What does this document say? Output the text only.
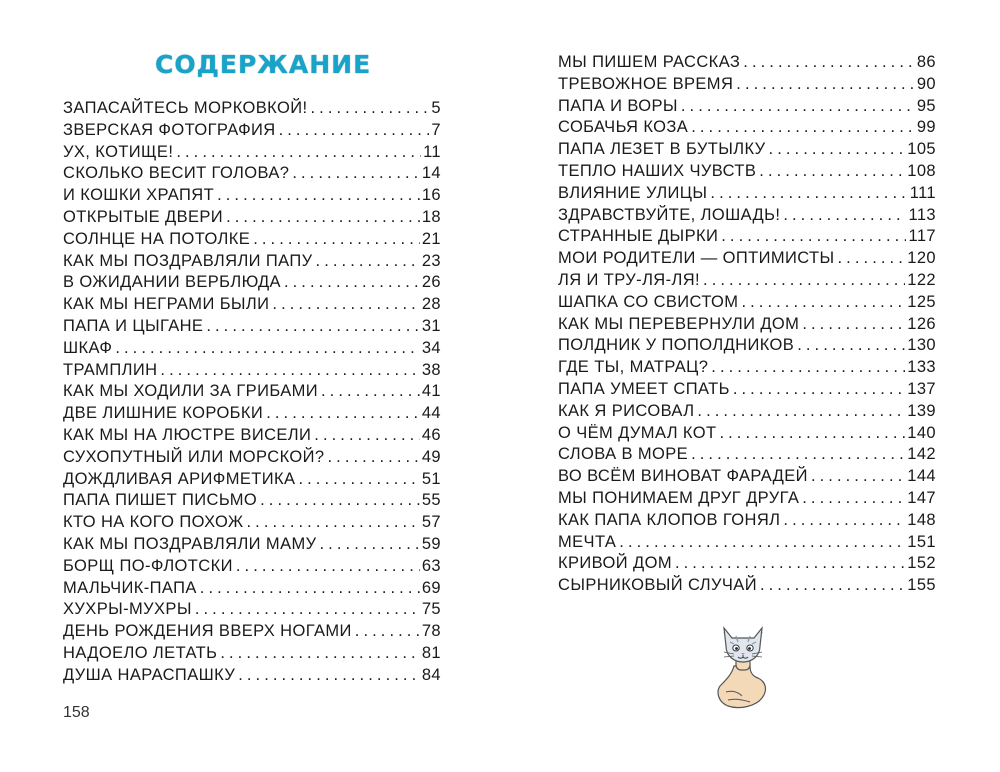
СОДЕРЖАНИЕ
ЗАПАСАЙТЕСЬ МОРКОВКОЙ! . . .	5
ЗВЕРСКАЯ ФОТОГРАФИЯ . . .	7
УХ, КОТИЩЕ! . . .	11
СКОЛЬКО ВЕСИТ ГОЛОВА? . . .	14
И КОШКИ ХРАПЯТ . . .	16
ОТКРЫТЫЕ ДВЕРИ . . .	18
СОЛНЦЕ НА ПОТОЛКЕ . . .	21
КАК МЫ ПОЗДРАВЛЯЛИ ПАПУ . . .	23
В ОЖИДАНИИ ВЕРБЛЮДА . . .	26
КАК МЫ НЕГРАМИ БЫЛИ . . .	28
ПАПА И ЦЫГАНЕ . . .	31
ШКАФ . . .	34
ТРАМПЛИН . . .	38
КАК МЫ ХОДИЛИ ЗА ГРИБАМИ . . .	41
ДВЕ ЛИШНИЕ КОРОБКИ . . .	44
КАК МЫ НА ЛЮСТРЕ ВИСЕЛИ . . .	46
СУХОПУТНЫЙ ИЛИ МОРСКОЙ? . . .	49
ДОЖДЛИВАЯ АРИФМЕТИКА . . .	51
ПАПА ПИШЕТ ПИСЬМО . . .	55
КТО НА КОГО ПОХОЖ . . .	57
КАК МЫ ПОЗДРАВЛЯЛИ МАМУ . . .	59
БОРЩ ПО-ФЛОТСКИ . . .	63
МАЛЬЧИК-ПАПА . . .	69
ХУХРЫ-МУХРЫ . . .	75
ДЕНЬ РОЖДЕНИЯ ВВЕРХ НОГАМИ . . .	78
НАДОЕЛО ЛЕТАТЬ . . .	81
ДУША НАРАСПАШКУ . . .	84
МЫ ПИШЕМ РАССКАЗ . . .	86
ТРЕВОЖНОЕ ВРЕМЯ . . .	90
ПАПА И ВОРЫ . . .	95
СОБАЧЬЯ КОЗА . . .	99
ПАПА ЛЕЗЕТ В БУТЫЛКУ . . .	105
ТЕПЛО НАШИХ ЧУВСТВ . . .	108
ВЛИЯНИЕ УЛИЦЫ . . .	111
ЗДРАВСТВУЙТЕ, ЛОШАДЬ! . . .	113
СТРАННЫЕ ДЫРКИ . . .	117
МОИ РОДИТЕЛИ — ОПТИМИСТЫ . . .	120
ЛЯ И ТРУ-ЛЯ-ЛЯ! . . .	122
ШАПКА СО СВИСТОМ . . .	125
КАК МЫ ПЕРЕВЕРНУЛИ ДОМ . . .	126
ПОЛДНИК У ПОПОЛДНИКОВ . . .	130
ГДЕ ТЫ, МАТРАЦ? . . .	133
ПАПА УМЕЕТ СПАТЬ . . .	137
КАК Я РИСОВАЛ . . .	139
О ЧЁМ ДУМАЛ КОТ . . .	140
СЛОВА В МОРЕ . . .	142
ВО ВСЁМ ВИНОВАТ ФАРАДЕЙ . . .	144
МЫ ПОНИМАЕМ ДРУГ ДРУГА . . .	147
КАК ПАПА КЛОПОВ ГОНЯЛ . . .	148
МЕЧТА . . .	151
КРИВОЙ ДОМ . . .	152
СЫРНИКОВЫЙ СЛУЧАЙ . . .	155
158
